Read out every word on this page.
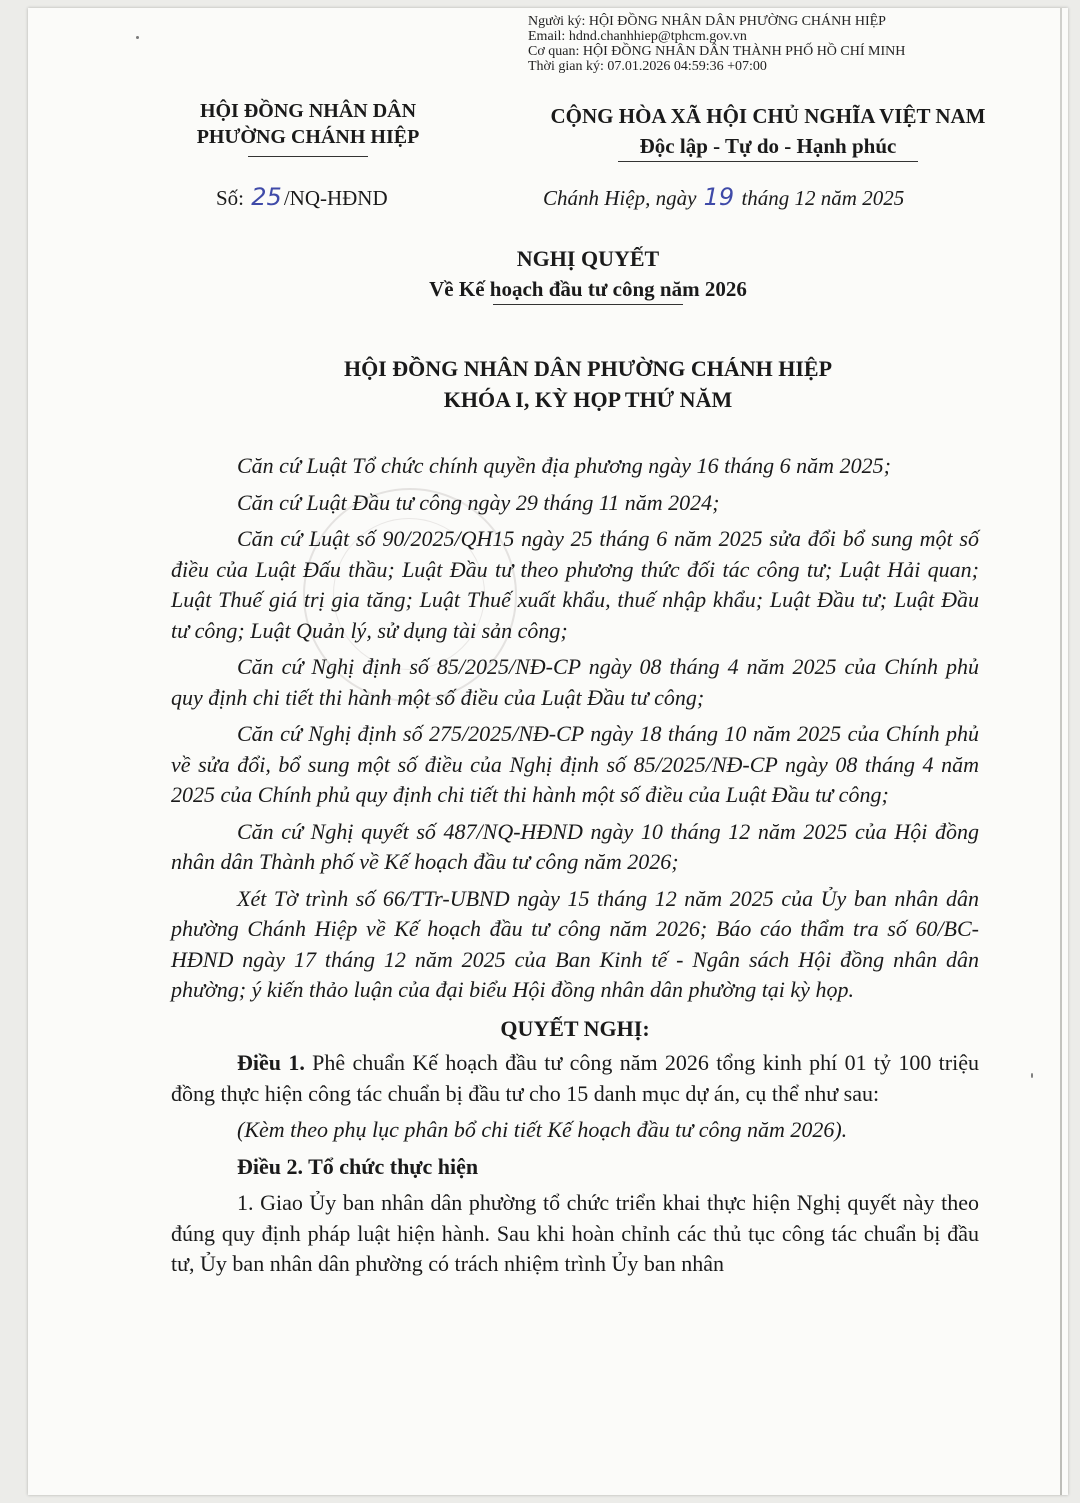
Người ký: HỘI ĐỒNG NHÂN DÂN PHƯỜNG CHÁNH HIỆP
Email: hdnd.chanhhiep@tphcm.gov.vn
Cơ quan: HỘI ĐỒNG NHÂN DÂN THÀNH PHỐ HỒ CHÍ MINH
Thời gian ký: 07.01.2026 04:59:36 +07:00
HỘI ĐỒNG NHÂN DÂN
PHƯỜNG CHÁNH HIỆP
CỘNG HÒA XÃ HỘI CHỦ NGHĨA VIỆT NAM
Độc lập - Tự do - Hạnh phúc
Số: 25/NQ-HĐND	Chánh Hiệp, ngày 19 tháng 12 năm 2025
NGHỊ QUYẾT
Về Kế hoạch đầu tư công năm 2026
HỘI ĐỒNG NHÂN DÂN PHƯỜNG CHÁNH HIỆP
KHÓA I, KỲ HỌP THỨ NĂM

Căn cứ Luật Tổ chức chính quyền địa phương ngày 16 tháng 6 năm 2025;

Căn cứ Luật Đầu tư công ngày 29 tháng 11 năm 2024;

Căn cứ Luật số 90/2025/QH15 ngày 25 tháng 6 năm 2025 sửa đổi bổ sung một số điều của Luật Đấu thầu; Luật Đầu tư theo phương thức đối tác công tư; Luật Hải quan; Luật Thuế giá trị gia tăng; Luật Thuế xuất khẩu, thuế nhập khẩu; Luật Đầu tư; Luật Đầu tư công; Luật Quản lý, sử dụng tài sản công;

Căn cứ Nghị định số 85/2025/NĐ-CP ngày 08 tháng 4 năm 2025 của Chính phủ quy định chi tiết thi hành một số điều của Luật Đầu tư công;

Căn cứ Nghị định số 275/2025/NĐ-CP ngày 18 tháng 10 năm 2025 của Chính phủ về sửa đổi, bổ sung một số điều của Nghị định số 85/2025/NĐ-CP ngày 08 tháng 4 năm 2025 của Chính phủ quy định chi tiết thi hành một số điều của Luật Đầu tư công;

Căn cứ Nghị quyết số 487/NQ-HĐND ngày 10 tháng 12 năm 2025 của Hội đồng nhân dân Thành phố về Kế hoạch đầu tư công năm 2026;

Xét Tờ trình số 66/TTr-UBND ngày 15 tháng 12 năm 2025 của Ủy ban nhân dân phường Chánh Hiệp về Kế hoạch đầu tư công năm 2026; Báo cáo thẩm tra số 60/BC-HĐND ngày 17 tháng 12 năm 2025 của Ban Kinh tế - Ngân sách Hội đồng nhân dân phường; ý kiến thảo luận của đại biểu Hội đồng nhân dân phường tại kỳ họp.

QUYẾT NGHỊ:

Điều 1. Phê chuẩn Kế hoạch đầu tư công năm 2026 tổng kinh phí 01 tỷ 100 triệu đồng thực hiện công tác chuẩn bị đầu tư cho 15 danh mục dự án, cụ thể như sau:

(Kèm theo phụ lục phân bổ chi tiết Kế hoạch đầu tư công năm 2026).

Điều 2. Tổ chức thực hiện

1. Giao Ủy ban nhân dân phường tổ chức triển khai thực hiện Nghị quyết này theo đúng quy định pháp luật hiện hành. Sau khi hoàn chỉnh các thủ tục công tác chuẩn bị đầu tư, Ủy ban nhân dân phường có trách nhiệm trình Ủy ban nhân
